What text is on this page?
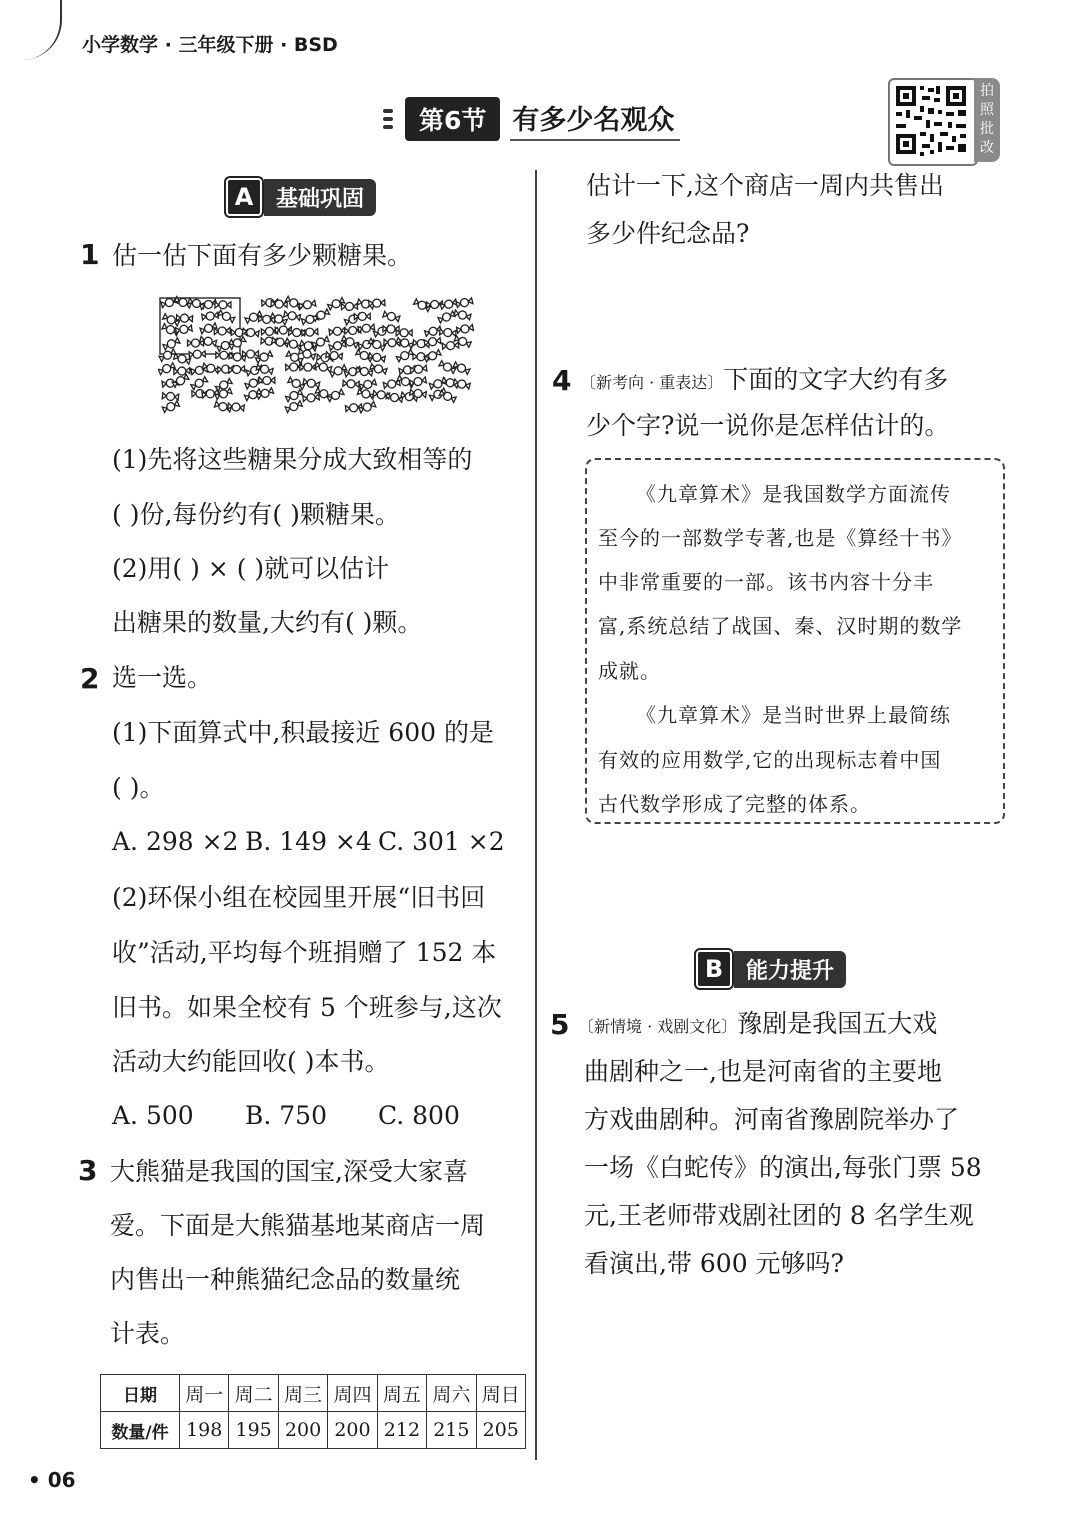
小学数学 · 三年级下册 · BSD
第6节 有多少名观众
拍照批改
A	基础巩固
1 估一估下面有多少颗糖果。
(1)先将这些糖果分成大致相等的
( )份,每份约有( )颗糖果。
(2)用( ) × ( )就可以估计
出糖果的数量,大约有( )颗。
2 选一选。
(1)下面算式中,积最接近 600 的是
( )。
A. 298 ×2 B. 149 ×4 C. 301 ×2
(2)环保小组在校园里开展“旧书回
收”活动,平均每个班捐赠了 152 本
旧书。如果全校有 5 个班参与,这次
活动大约能回收( )本书。
A. 500 B. 750 C. 800
3 大熊猫是我国的国宝,深受大家喜
爱。下面是大熊猫基地某商店一周
内售出一种熊猫纪念品的数量统
计表。
日期	周一	周二	周三	周四	周五	周六	周日
数量/件	198	195	200	200	212	215	205
估计一下,这个商店一周内共售出
多少件纪念品?
4 〔新考向 · 重表达〕 下面的文字大约有多
少个字?说一说你是怎样估计的。
《九章算术》是我国数学方面流传
至今的一部数学专著,也是《算经十书》
中非常重要的一部。该书内容十分丰
富,系统总结了战国、秦、汉时期的数学
成就。
《九章算术》是当时世界上最简练
有效的应用数学,它的出现标志着中国
古代数学形成了完整的体系。
B	能力提升
5 〔新情境 · 戏剧文化〕 豫剧是我国五大戏
曲剧种之一,也是河南省的主要地
方戏曲剧种。河南省豫剧院举办了
一场《白蛇传》的演出,每张门票 58
元,王老师带戏剧社团的 8 名学生观
看演出,带 600 元够吗?
• 06
